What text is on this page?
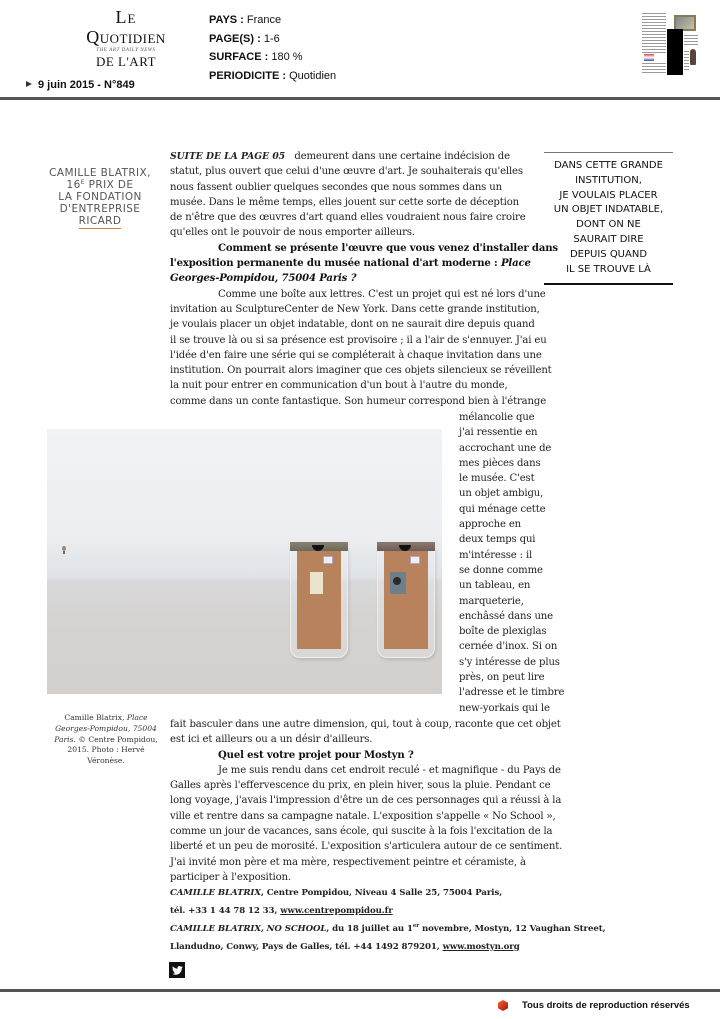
LE
QUOTIDIEN
THE ART DAILY NEWS
DE L'ART
9 juin 2015 - N°849
PAYS : France
PAGE(S) : 1-6
SURFACE : 180 %
PERIODICITE : Quotidien
CAMILLE BLATRIX,
$16^E$ PRIX DE
LA FONDATION
D'ENTREPRISE
RICARD
DANS CETTE GRANDE
INSTITUTION,
JE VOULAIS PLACER
UN OBJET INDATABLE,
DONT ON NE
SAURAIT DIRE
DEPUIS QUAND
IL SE TROUVE LÀ

SUITE DE LA PAGE 05 demeurent dans une certaine indécision de

statut, plus ouvert que celui d'une œuvre d'art. Je souhaiterais qu'elles

nous fassent oublier quelques secondes que nous sommes dans un

musée. Dans le même temps, elles jouent sur cette sorte de déception

de n'être que des œuvres d'art quand elles voudraient nous faire croire

qu'elles ont le pouvoir de nous emporter ailleurs.

Comment se présente l'œuvre que vous venez d'installer dans

l'exposition permanente du musée national d'art moderne : Place

Georges-Pompidou, 75004 Paris ?

Comme une boîte aux lettres. C'est un projet qui est né lors d'une

invitation au SculptureCenter de New York. Dans cette grande institution,

je voulais placer un objet indatable, dont on ne saurait dire depuis quand

il se trouve là ou si sa présence est provisoire ; il a l'air de s'ennuyer. J'ai eu

l'idée d'en faire une série qui se compléterait à chaque invitation dans une

institution. On pourrait alors imaginer que ces objets silencieux se réveillent

la nuit pour entrer en communication d'un bout à l'autre du monde,

comme dans un conte fantastique. Son humeur correspond bien à l'étrange

mélancolie que

j'ai ressentie en

accrochant une de

mes pièces dans

le musée. C'est

un objet ambigu,

qui ménage cette

approche en

deux temps qui

m'intéresse : il

se donne comme

un tableau, en

marqueterie,

enchâssé dans une

boîte de plexiglas

cernée d'inox. Si on

s'y intéresse de plus

près, on peut lire

l'adresse et le timbre

new-yorkais qui le

Camille Blatrix, Place Georges-Pompidou, 75004 Paris. © Centre Pompidou, 2015. Photo : Hervé Véronèse.

fait basculer dans une autre dimension, qui, tout à coup, raconte que cet objet

est ici et ailleurs ou a un désir d'ailleurs.

Quel est votre projet pour Mostyn ?

Je me suis rendu dans cet endroit reculé - et magnifique - du Pays de

Galles après l'effervescence du prix, en plein hiver, sous la pluie. Pendant ce

long voyage, j'avais l'impression d'être un de ces personnages qui a réussi à la

ville et rentre dans sa campagne natale. L'exposition s'appelle « No School »,

comme un jour de vacances, sans école, qui suscite à la fois l'excitation de la

liberté et un peu de morosité. L'exposition s'articulera autour de ce sentiment.

J'ai invité mon père et ma mère, respectivement peintre et céramiste, à

participer à l'exposition.

CAMILLE BLATRIX, Centre Pompidou, Niveau 4 Salle 25, 75004 Paris,

tél. +33 1 44 78 12 33, www.centrepompidou.fr

CAMILLE BLATRIX, NO SCHOOL, du 18 juillet au 1er novembre, Mostyn, 12 Vaughan Street,

Llandudno, Conwy, Pays de Galles, tél. +44 1492 879201, www.mostyn.org

Tous droits de reproduction réservés
